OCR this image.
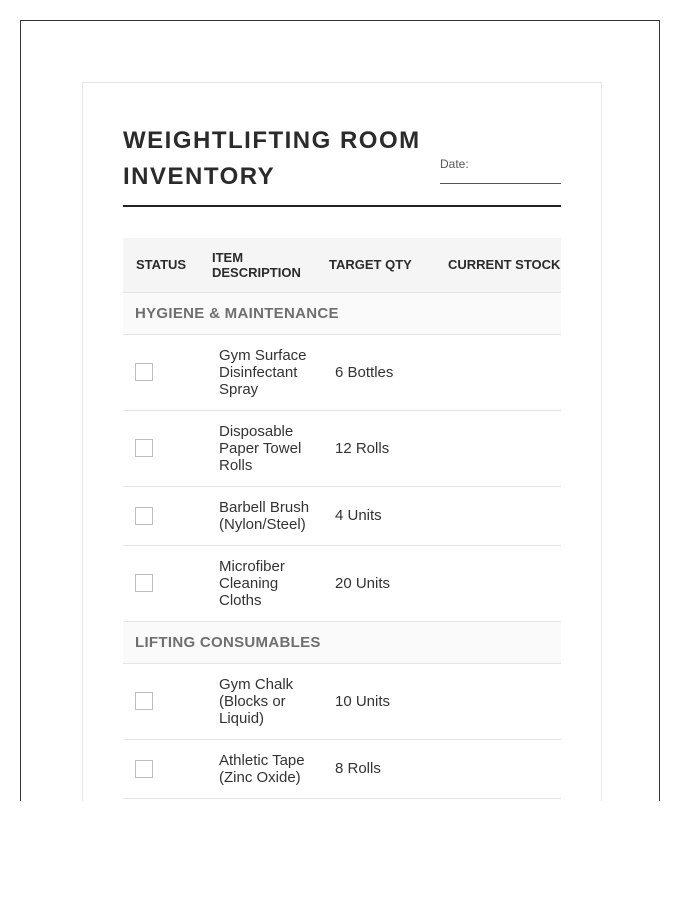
WEIGHTLIFTING ROOM INVENTORY	Date:
STATUS	ITEM DESCRIPTION	TARGET QTY	CURRENT STOCK
HYGIENE & MAINTENANCE			

	Gym Surface Disinfectant Spray	6 Bottles	

	Disposable Paper Towel Rolls	12 Rolls	

	Barbell Brush (Nylon/Steel)	4 Units	

	Microfiber Cleaning Cloths	20 Units	
LIFTING CONSUMABLES			

	Gym Chalk (Blocks or Liquid)	10 Units	

	Athletic Tape (Zinc Oxide)	8 Rolls	
